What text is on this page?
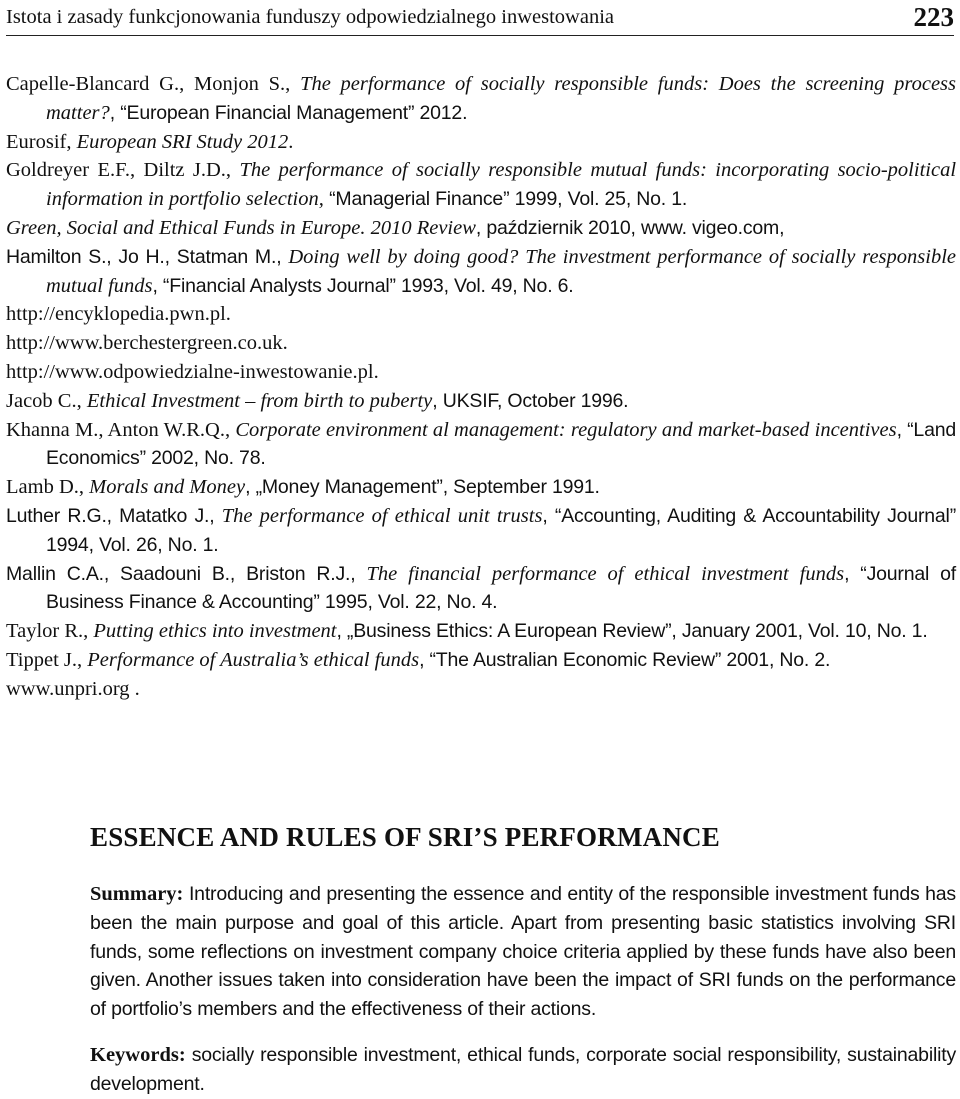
Istota i zasady funkcjonowania funduszy odpowiedzialnego inwestowania	223
Capelle-Blancard G., Monjon S., The performance of socially responsible funds: Does the screening process matter?, “European Financial Management” 2012.
Eurosif, European SRI Study 2012.
Goldreyer E.F., Diltz J.D., The performance of socially responsible mutual funds: incorporating socio-political information in portfolio selection, “Managerial Finance” 1999, Vol. 25, No. 1.
Green, Social and Ethical Funds in Europe. 2010 Review, październik 2010, www. vigeo.com,
Hamilton S., Jo H., Statman M., Doing well by doing good? The investment performance of socially responsible mutual funds, “Financial Analysts Journal” 1993, Vol. 49, No. 6.
http://encyklopedia.pwn.pl.
http://www.berchestergreen.co.uk.
http://www.odpowiedzialne-inwestowanie.pl.
Jacob C., Ethical Investment – from birth to puberty, UKSIF, October 1996.
Khanna M., Anton W.R.Q., Corporate environment al management: regulatory and market-based incentives, “Land Economics” 2002, No. 78.
Lamb D., Morals and Money, „Money Management”, September 1991.
Luther R.G., Matatko J., The performance of ethical unit trusts, “Accounting, Auditing & Accountability Journal” 1994, Vol. 26, No. 1.
Mallin C.A., Saadouni B., Briston R.J., The financial performance of ethical investment funds, “Journal of Business Finance & Accounting” 1995, Vol. 22, No. 4.
Taylor R., Putting ethics into investment, „Business Ethics: A European Review”, January 2001, Vol. 10, No. 1.
Tippet J., Performance of Australia’s ethical funds, “The Australian Economic Review” 2001, No. 2.
www.unpri.org .
ESSENCE AND RULES OF SRI’S PERFORMANCE

Summary: Introducing and presenting the essence and entity of the responsible investment funds has been the main purpose and goal of this article. Apart from presenting basic statistics involving SRI funds, some reflections on investment company choice criteria applied by these funds have also been given. Another issues taken into consideration have been the impact of SRI funds on the performance of portfolio’s members and the effectiveness of their actions.

Keywords: socially responsible investment, ethical funds, corporate social responsibility, sustainability development.
